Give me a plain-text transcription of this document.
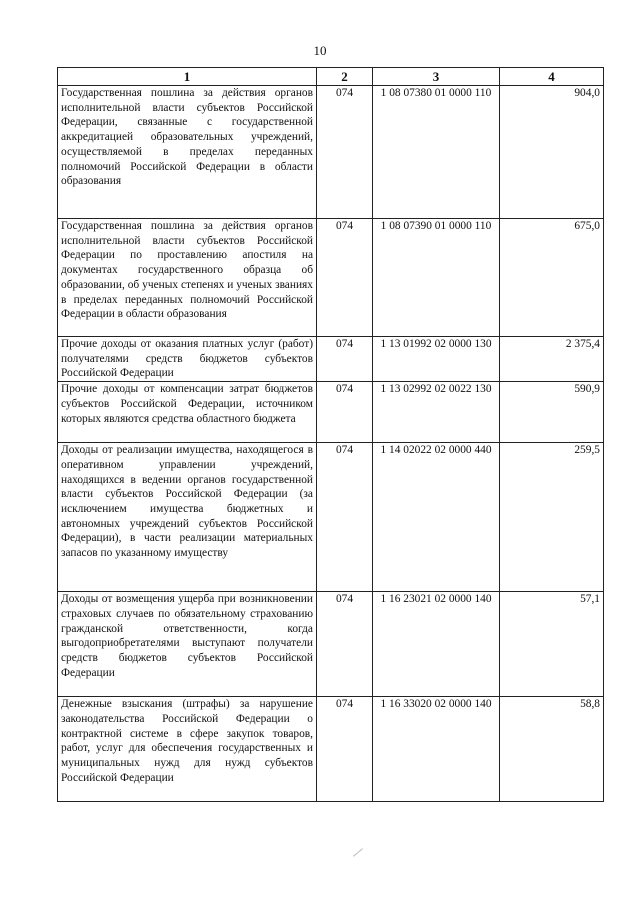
10
1	2	3	4
Государственная пошлина за действия органов исполнительной власти субъектов Российской Федерации, связанные с государственной аккредитацией образовательных учреждений, осуществляемой в пределах переданных полномочий Российской Федерации в области образования	074	1 08 07380 01 0000 110	904,0
Государственная пошлина за действия органов исполнительной власти субъектов Российской Федерации по проставлению апостиля на документах государственного образца об образовании, об ученых степенях и ученых званиях в пределах переданных полномочий Российской Федерации в области образования	074	1 08 07390 01 0000 110	675,0
Прочие доходы от оказания платных услуг (работ) получателями средств бюджетов субъектов Российской Федерации	074	1 13 01992 02 0000 130	2 375,4
Прочие доходы от компенсации затрат бюджетов субъектов Российской Федерации, источником которых являются средства областного бюджета	074	1 13 02992 02 0022 130	590,9
Доходы от реализации имущества, находящегося в оперативном управлении учреждений, находящихся в ведении органов государственной власти субъектов Российской Федерации (за исключением имущества бюджетных и автономных учреждений субъектов Российской Федерации), в части реализации материальных запасов по указанному имуществу	074	1 14 02022 02 0000 440	259,5
Доходы от возмещения ущерба при возникновении страховых случаев по обязательному страхованию гражданской ответственности, когда выгодоприобретателями выступают получатели средств бюджетов субъектов Российской Федерации	074	1 16 23021 02 0000 140	57,1
Денежные взыскания (штрафы) за нарушение законодательства Российской Федерации о контрактной системе в сфере закупок товаров, работ, услуг для обеспечения государственных и муниципальных нужд для нужд субъектов Российской Федерации	074	1 16 33020 02 0000 140	58,8
